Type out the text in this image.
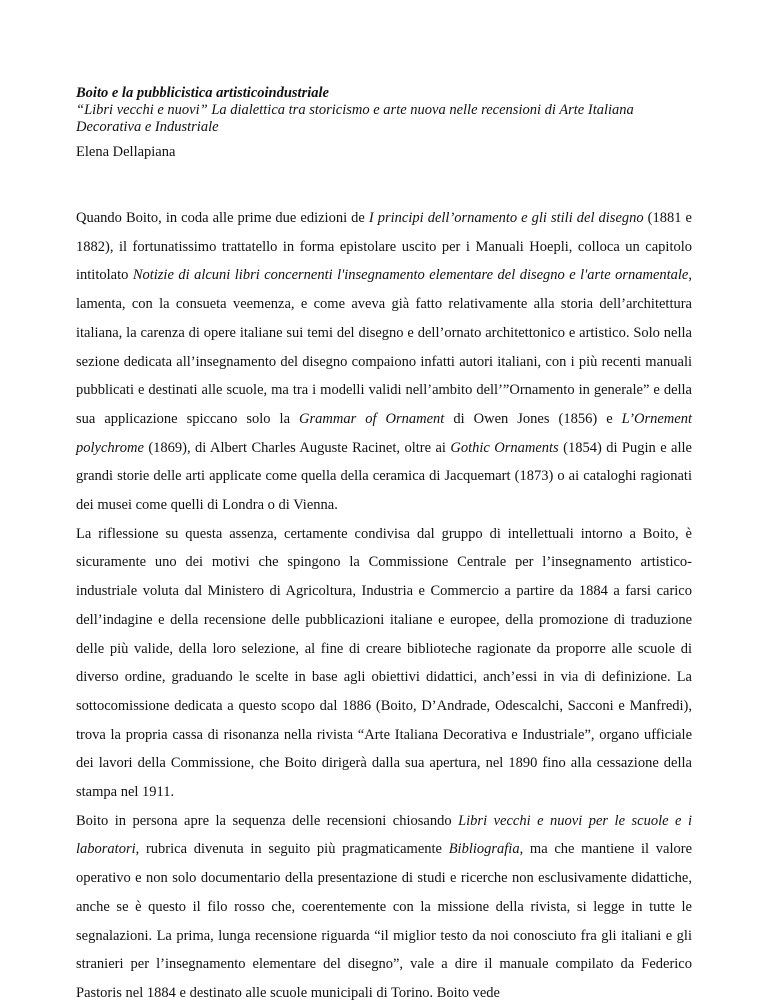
Boito e la pubblicistica artisticoindustriale
“Libri vecchi e nuovi” La dialettica tra storicismo e arte nuova nelle recensioni di Arte Italiana Decorativa e Industriale
Elena Dellapiana

Quando Boito, in coda alle prime due edizioni de I principi dell’ornamento e gli stili del disegno (1881 e 1882), il fortunatissimo trattatello in forma epistolare uscito per i Manuali Hoepli, colloca un capitolo intitolato Notizie di alcuni libri concernenti l'insegnamento elementare del disegno e l'arte ornamentale, lamenta, con la consueta veemenza, e come aveva già fatto relativamente alla storia dell’architettura italiana, la carenza di opere italiane sui temi del disegno e dell’ornato architettonico e artistico. Solo nella sezione dedicata all’insegnamento del disegno compaiono infatti autori italiani, con i più recenti manuali pubblicati e destinati alle scuole, ma tra i modelli validi nell’ambito dell’”Ornamento in generale” e della sua applicazione spiccano solo la Grammar of Ornament di Owen Jones (1856) e L’Ornement polychrome (1869), di Albert Charles Auguste Racinet, oltre ai Gothic Ornaments (1854) di Pugin e alle grandi storie delle arti applicate come quella della ceramica di Jacquemart (1873) o ai cataloghi ragionati dei musei come quelli di Londra o di Vienna.

La riflessione su questa assenza, certamente condivisa dal gruppo di intellettuali intorno a Boito, è sicuramente uno dei motivi che spingono la Commissione Centrale per l’insegnamento artistico-industriale voluta dal Ministero di Agricoltura, Industria e Commercio a partire da 1884 a farsi carico dell’indagine e della recensione delle pubblicazioni italiane e europee, della promozione di traduzione delle più valide, della loro selezione, al fine di creare biblioteche ragionate da proporre alle scuole di diverso ordine, graduando le scelte in base agli obiettivi didattici, anch’essi in via di definizione. La sottocomissione dedicata a questo scopo dal 1886 (Boito, D’Andrade, Odescalchi, Sacconi e Manfredi), trova la propria cassa di risonanza nella rivista “Arte Italiana Decorativa e Industriale”, organo ufficiale dei lavori della Commissione, che Boito dirigerà dalla sua apertura, nel 1890 fino alla cessazione della stampa nel 1911.

Boito in persona apre la sequenza delle recensioni chiosando Libri vecchi e nuovi per le scuole e i laboratori, rubrica divenuta in seguito più pragmaticamente Bibliografia, ma che mantiene il valore operativo e non solo documentario della presentazione di studi e ricerche non esclusivamente didattiche, anche se è questo il filo rosso che, coerentemente con la missione della rivista, si legge in tutte le segnalazioni. La prima, lunga recensione riguarda “il miglior testo da noi conosciuto fra gli italiani e gli stranieri per l’insegnamento elementare del disegno”, vale a dire il manuale compilato da Federico Pastoris nel 1884 e destinato alle scuole municipali di Torino. Boito vede
